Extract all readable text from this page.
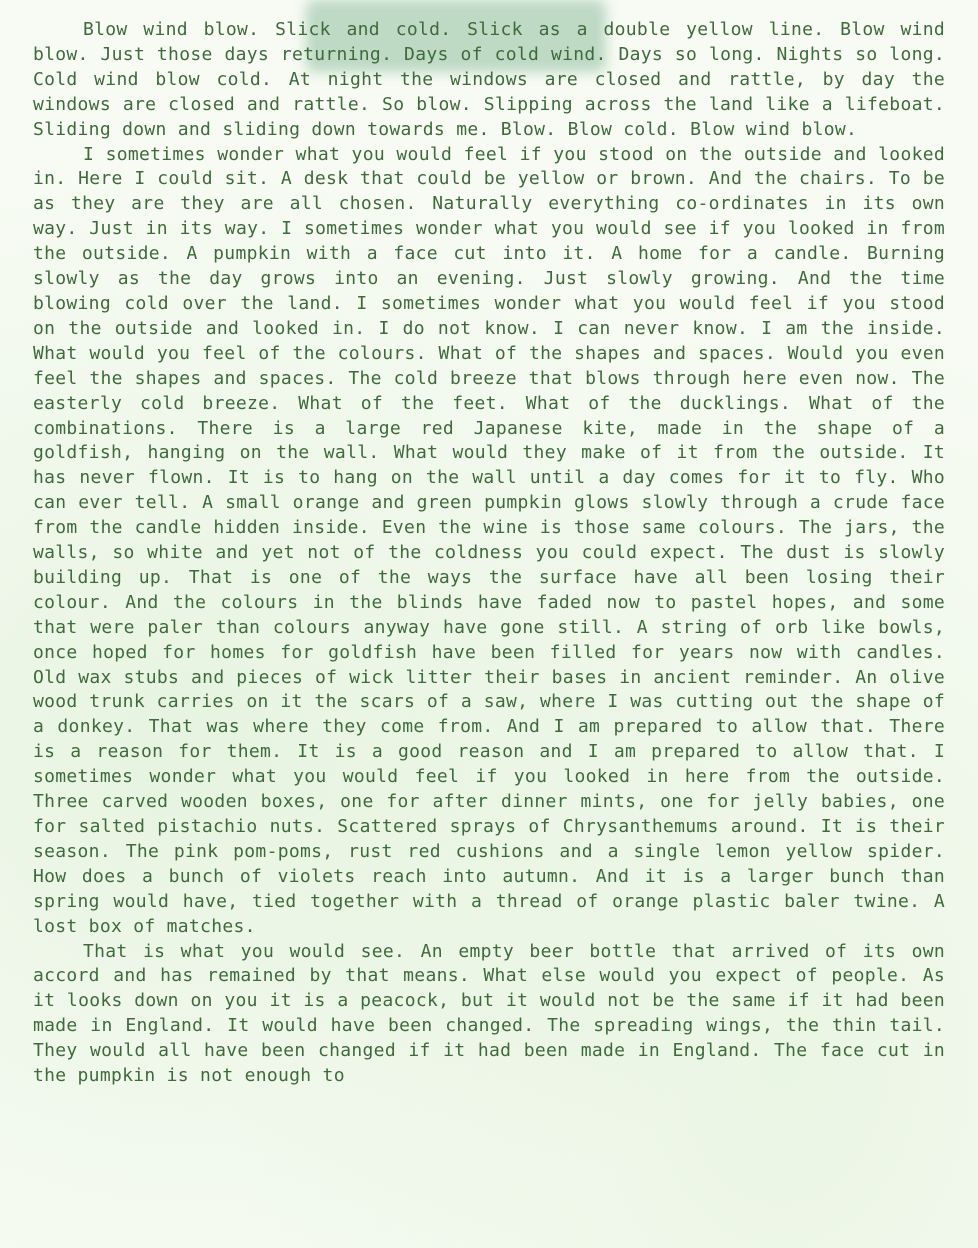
Blow wind blow. Slick and cold. Slick as a double yellow line. Blow wind blow. Just those days returning. Days of cold wind. Days so long. Nights so long. Cold wind blow cold. At night the windows are closed and rattle, by day the windows are closed and rattle. So blow. Slipping across the land like a lifeboat. Sliding down and sliding down towards me. Blow. Blow cold. Blow wind blow.

I sometimes wonder what you would feel if you stood on the outside and looked in. Here I could sit. A desk that could be yellow or brown. And the chairs. To be as they are they are all chosen. Naturally everything co-ordinates in its own way. Just in its way. I sometimes wonder what you would see if you looked in from the outside. A pumpkin with a face cut into it. A home for a candle. Burning slowly as the day grows into an evening. Just slowly growing. And the time blowing cold over the land. I sometimes wonder what you would feel if you stood on the outside and looked in. I do not know. I can never know. I am the inside. What would you feel of the colours. What of the shapes and spaces. Would you even feel the shapes and spaces. The cold breeze that blows through here even now. The easterly cold breeze. What of the feet. What of the ducklings. What of the combinations. There is a large red Japanese kite, made in the shape of a goldfish, hanging on the wall. What would they make of it from the outside. It has never flown. It is to hang on the wall until a day comes for it to fly. Who can ever tell. A small orange and green pumpkin glows slowly through a crude face from the candle hidden inside. Even the wine is those same colours. The jars, the walls, so white and yet not of the coldness you could expect. The dust is slowly building up. That is one of the ways the surface have all been losing their colour. And the colours in the blinds have faded now to pastel hopes, and some that were paler than colours anyway have gone still. A string of orb like bowls, once hoped for homes for goldfish have been filled for years now with candles. Old wax stubs and pieces of wick litter their bases in ancient reminder. An olive wood trunk carries on it the scars of a saw, where I was cutting out the shape of a donkey. That was where they come from. And I am prepared to allow that. There is a reason for them. It is a good reason and I am prepared to allow that. I sometimes wonder what you would feel if you looked in here from the outside. Three carved wooden boxes, one for after dinner mints, one for jelly babies, one for salted pistachio nuts. Scattered sprays of Chrysanthemums around. It is their season. The pink pom-poms, rust red cushions and a single lemon yellow spider. How does a bunch of violets reach into autumn. And it is a larger bunch than spring would have, tied together with a thread of orange plastic baler twine. A lost box of matches.

That is what you would see. An empty beer bottle that arrived of its own accord and has remained by that means. What else would you expect of people. As it looks down on you it is a peacock, but it would not be the same if it had been made in England. It would have been changed. The spreading wings, the thin tail. They would all have been changed if it had been made in England. The face cut in the pumpkin is not enough to
